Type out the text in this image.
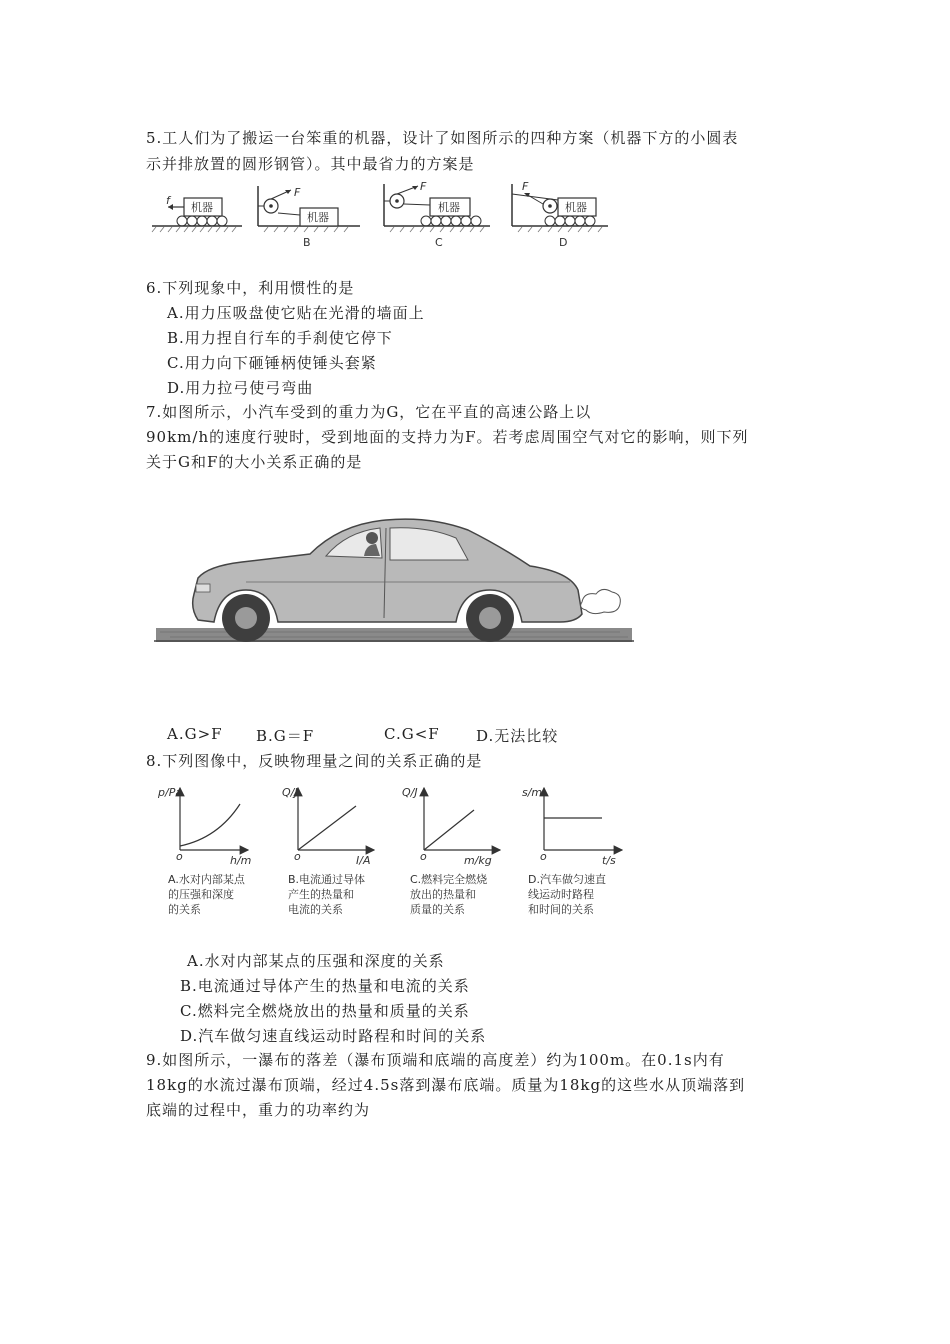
5.工人们为了搬运一台笨重的机器，设计了如图所示的四种方案（机器下方的小圆表
示并排放置的圆形钢管）。其中最省力的方案是
机器
f
机器
F
B
机器
F
C
机器
F
D
6.下列现象中，利用惯性的是
A.用力压吸盘使它贴在光滑的墙面上
B.用力捏自行车的手刹使它停下
C.用力向下砸锤柄使锤头套紧
D.用力拉弓使弓弯曲
7.如图所示，小汽车受到的重力为G，它在平直的高速公路上以
90km/h的速度行驶时，受到地面的支持力为F。若考虑周围空气对它的影响，则下列
关于G和F的大小关系正确的是
A.G>F B.G＝F	C.G<F D.无法比较
8.下列图像中，反映物理量之间的关系正确的是
p/Pa
h/m
o
Q/J
I/A
o
Q/J
m/kg
o
s/m
t/s
o
A.水对内部某点
的压强和深度
的关系
B.电流通过导体
产生的热量和
电流的关系
C.燃料完全燃烧
放出的热量和
质量的关系
D.汽车做匀速直
线运动时路程
和时间的关系
A.水对内部某点的压强和深度的关系
B.电流通过导体产生的热量和电流的关系
C.燃料完全燃烧放出的热量和质量的关系
D.汽车做匀速直线运动时路程和时间的关系
9.如图所示，一瀑布的落差（瀑布顶端和底端的高度差）约为100m。在0.1s内有
18kg的水流过瀑布顶端，经过4.5s落到瀑布底端。质量为18kg的这些水从顶端落到
底端的过程中，重力的功率约为
